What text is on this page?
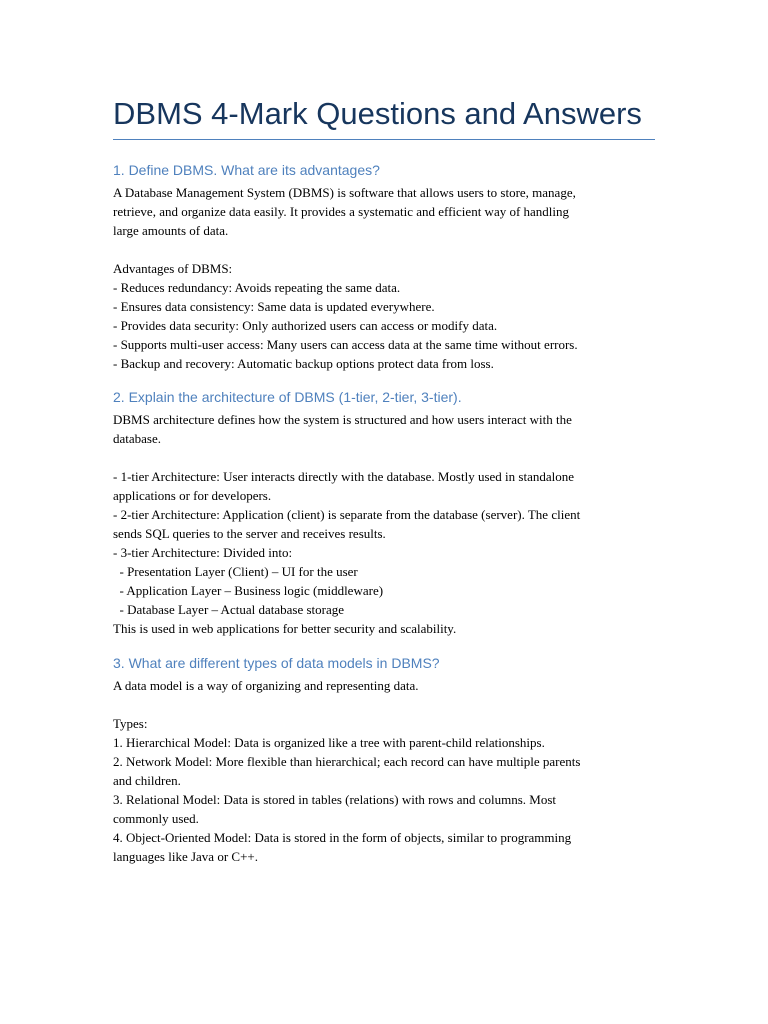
DBMS 4-Mark Questions and Answers
1. Define DBMS. What are its advantages?
A Database Management System (DBMS) is software that allows users to store, manage,
retrieve, and organize data easily. It provides a systematic and efficient way of handling
large amounts of data.
Advantages of DBMS:
- Reduces redundancy: Avoids repeating the same data.
- Ensures data consistency: Same data is updated everywhere.
- Provides data security: Only authorized users can access or modify data.
- Supports multi-user access: Many users can access data at the same time without errors.
- Backup and recovery: Automatic backup options protect data from loss.
2. Explain the architecture of DBMS (1-tier, 2-tier, 3-tier).
DBMS architecture defines how the system is structured and how users interact with the
database.
- 1-tier Architecture: User interacts directly with the database. Mostly used in standalone
applications or for developers.
- 2-tier Architecture: Application (client) is separate from the database (server). The client
sends SQL queries to the server and receives results.
- 3-tier Architecture: Divided into:
- Presentation Layer (Client) – UI for the user
- Application Layer – Business logic (middleware)
- Database Layer – Actual database storage
This is used in web applications for better security and scalability.
3. What are different types of data models in DBMS?
A data model is a way of organizing and representing data.
Types:
1. Hierarchical Model: Data is organized like a tree with parent-child relationships.
2. Network Model: More flexible than hierarchical; each record can have multiple parents
and children.
3. Relational Model: Data is stored in tables (relations) with rows and columns. Most
commonly used.
4. Object-Oriented Model: Data is stored in the form of objects, similar to programming
languages like Java or C++.
